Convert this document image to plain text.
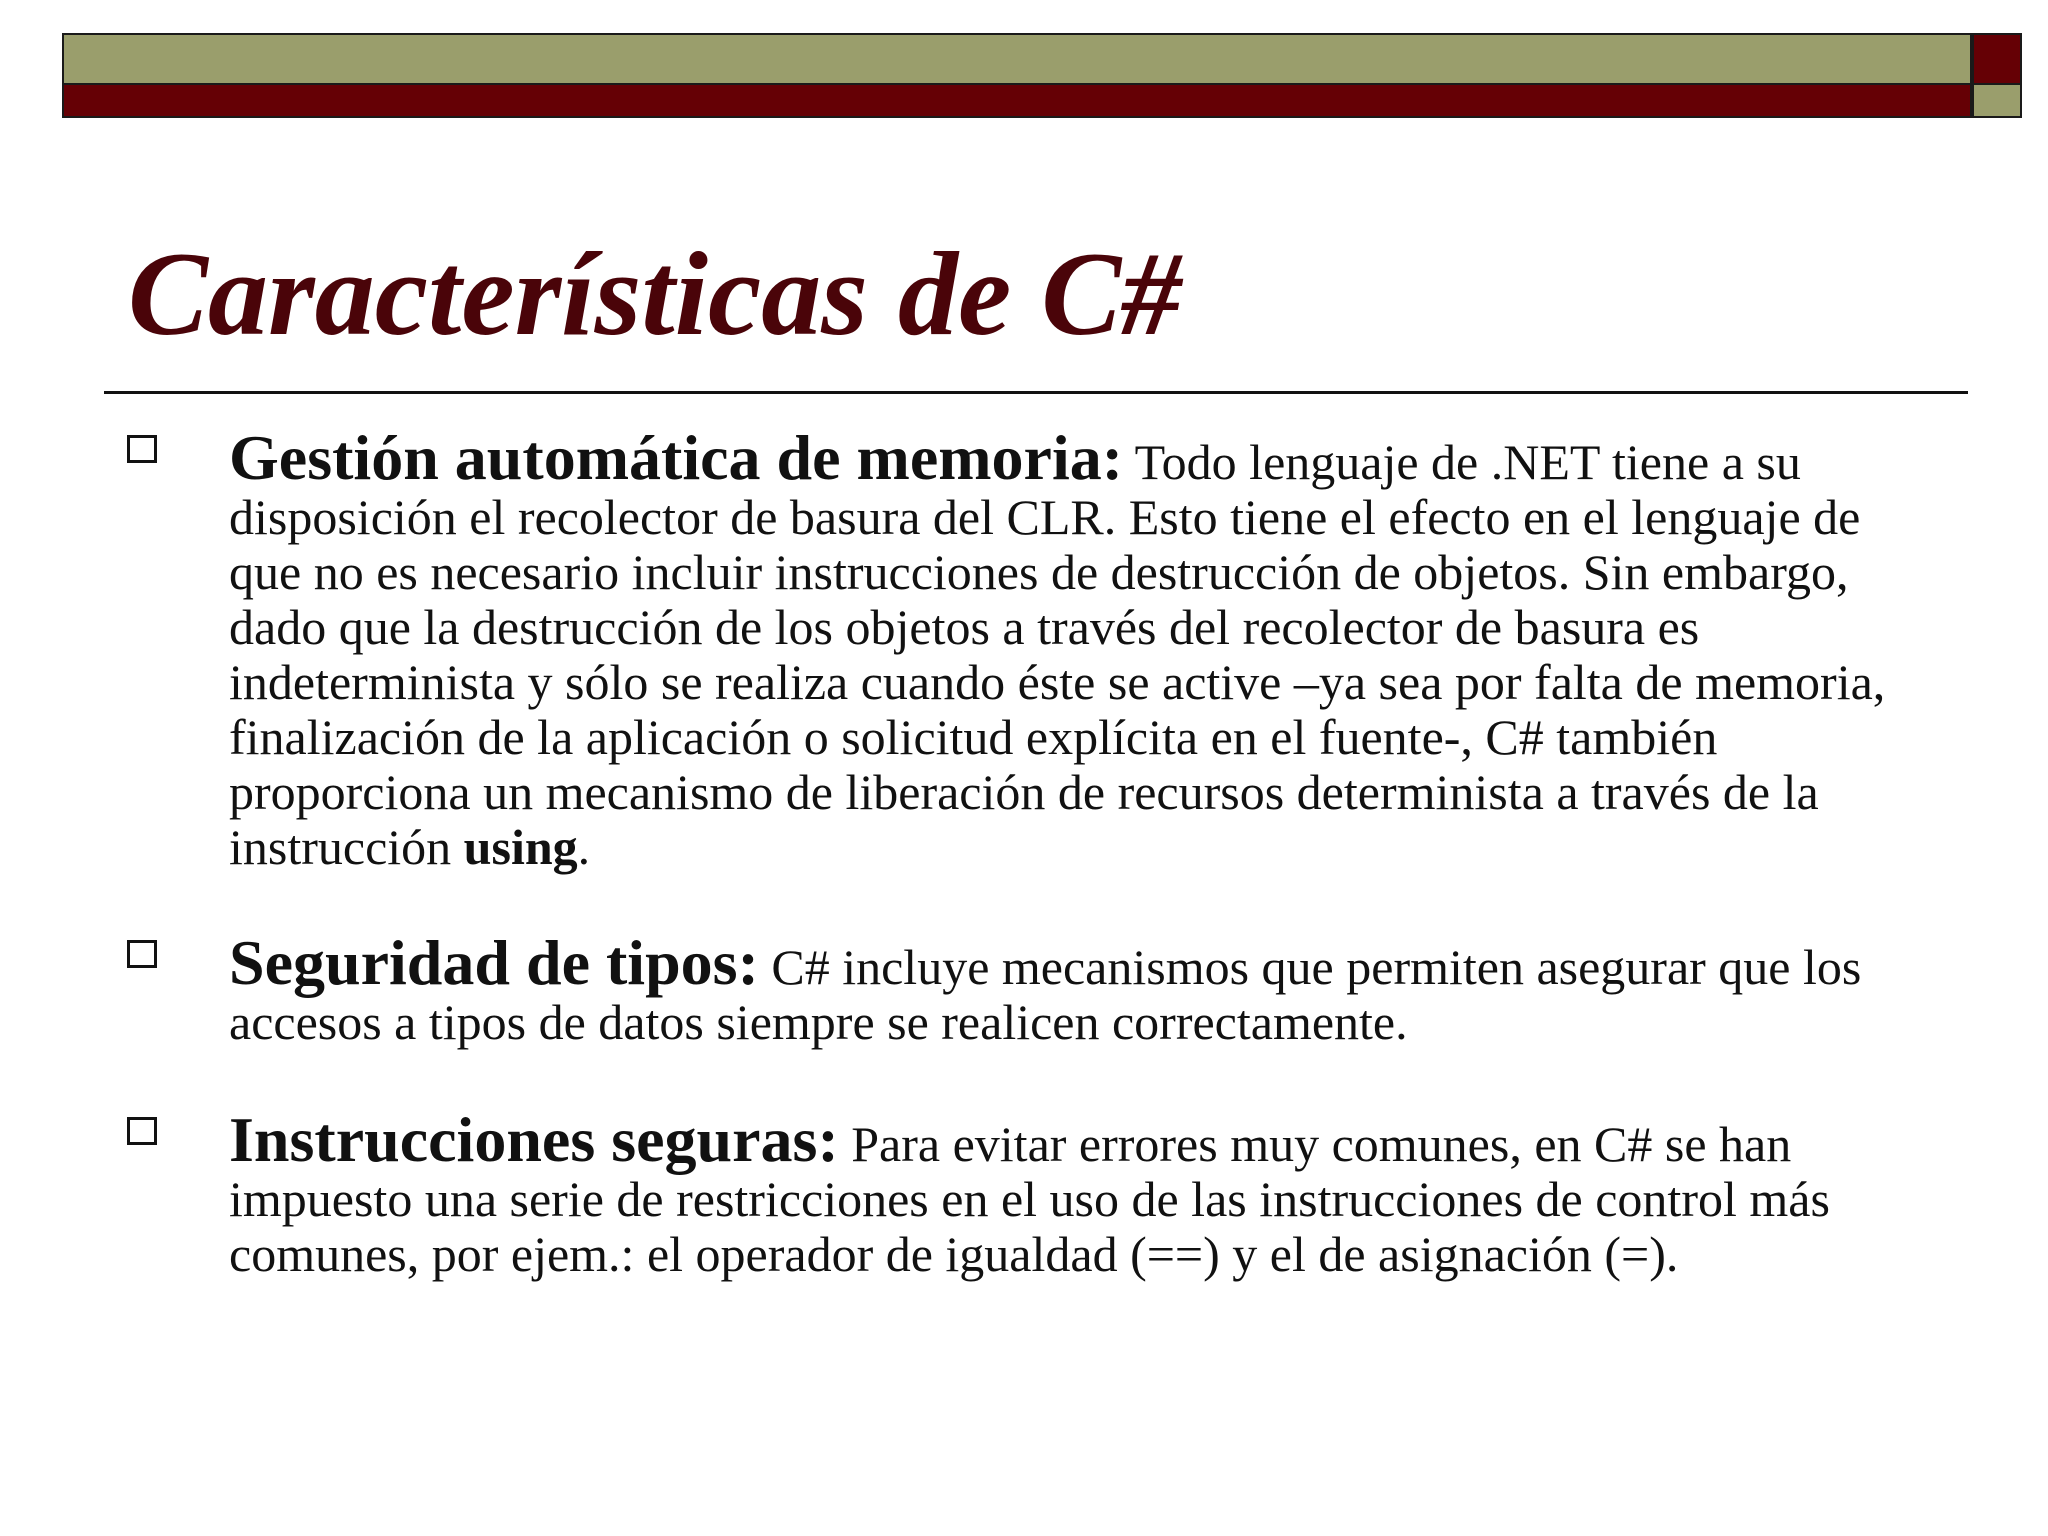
Características de C#

Gestión automática de memoria: Todo lenguaje de .NET tiene a su disposición el recolector de basura del CLR. Esto tiene el efecto en el lenguaje de que no es necesario incluir instrucciones de destrucción de objetos. Sin embargo, dado que la destrucción de los objetos a través del recolector de basura es indeterminista y sólo se realiza cuando éste se active –ya sea por falta de memoria, finalización de la aplicación o solicitud explícita en el fuente-, C# también proporciona un mecanismo de liberación de recursos determinista a través de la instrucción using.

Seguridad de tipos: C# incluye mecanismos que permiten asegurar que los accesos a tipos de datos siempre se realicen correctamente.

Instrucciones seguras: Para evitar errores muy comunes, en C# se han impuesto una serie de restricciones en el uso de las instrucciones de control más comunes, por ejem.: el operador de igualdad (==) y el de asignación (=).
